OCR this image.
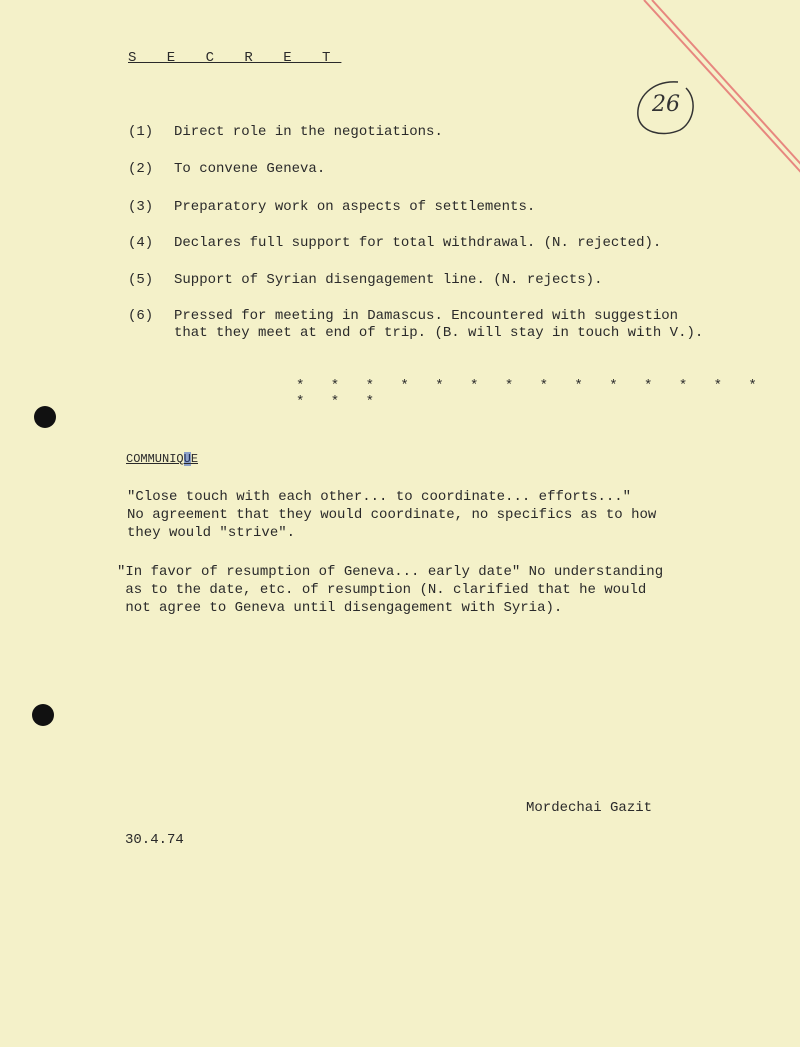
S E C R E T
26
(1) Direct role in the negotiations.
(2) To convene Geneva.
(3) Preparatory work on aspects of settlements.
(4) Declares full support for total withdrawal. (N. rejected).
(5) Support of Syrian disengagement line. (N. rejects).
(6) Pressed for meeting in Damascus. Encountered with suggestion
that they meet at end of trip. (B. will stay in touch with V.).
* * * * * * * * * * * * * * * * *
COMMUNIQUE
"Close touch with each other... to coordinate... efforts..."
No agreement that they would coordinate, no specifics as to how
they would "strive".
"In favor of resumption of Geneva... early date" No understanding
as to the date, etc. of resumption (N. clarified that he would
not agree to Geneva until disengagement with Syria).
Mordechai Gazit
30.4.74
